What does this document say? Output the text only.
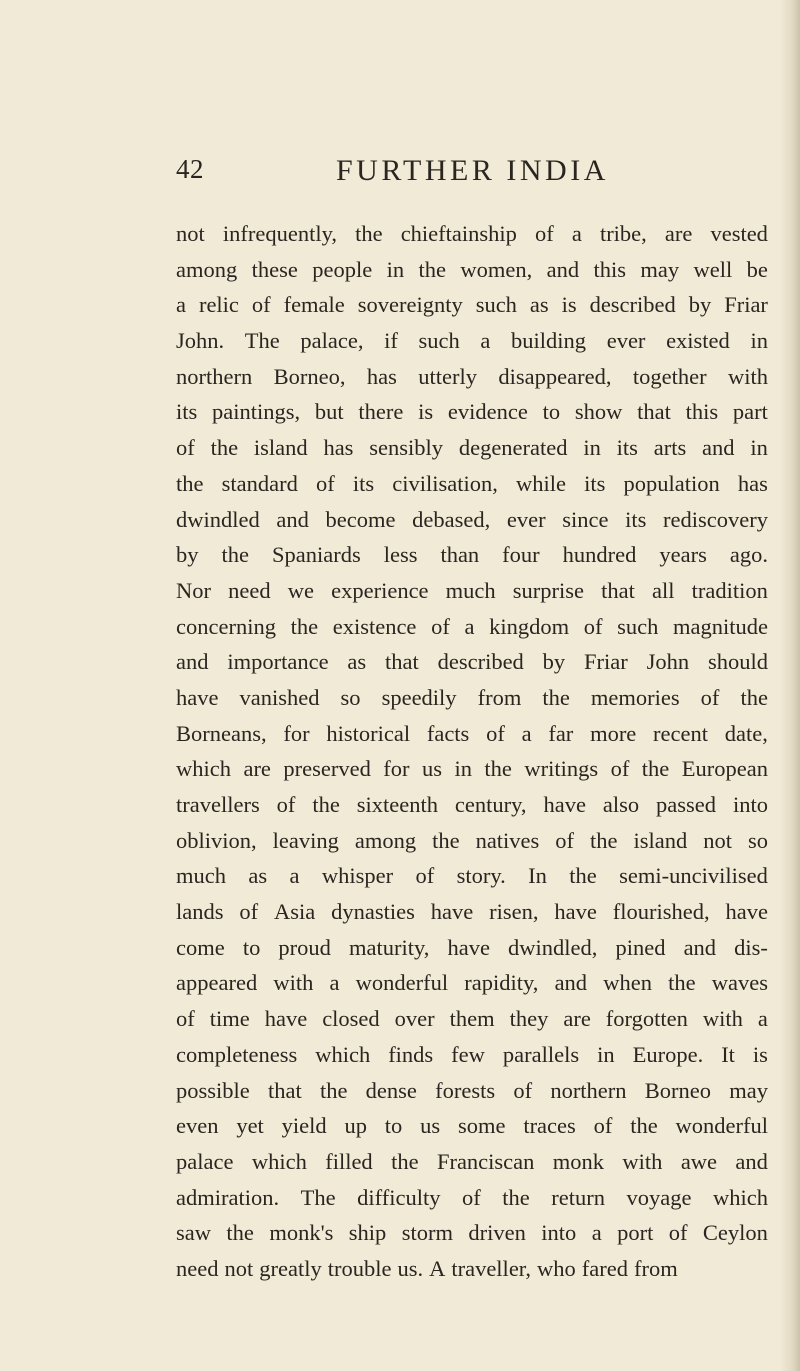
42	FURTHER INDIA
not infrequently, the chieftainship of a tribe, are vested
among these people in the women, and this may well be
a relic of female sovereignty such as is described by Friar
John. The palace, if such a building ever existed in
northern Borneo, has utterly disappeared, together with
its paintings, but there is evidence to show that this part
of the island has sensibly degenerated in its arts and in
the standard of its civilisation, while its population has
dwindled and become debased, ever since its rediscovery
by the Spaniards less than four hundred years ago.
Nor need we experience much surprise that all tradition
concerning the existence of a kingdom of such magnitude
and importance as that described by Friar John should
have vanished so speedily from the memories of the
Borneans, for historical facts of a far more recent date,
which are preserved for us in the writings of the European
travellers of the sixteenth century, have also passed into
oblivion, leaving among the natives of the island not so
much as a whisper of story. In the semi-uncivilised
lands of Asia dynasties have risen, have flourished, have
come to proud maturity, have dwindled, pined and dis-
appeared with a wonderful rapidity, and when the waves
of time have closed over them they are forgotten with a
completeness which finds few parallels in Europe. It is
possible that the dense forests of northern Borneo may
even yet yield up to us some traces of the wonderful
palace which filled the Franciscan monk with awe and
admiration. The difficulty of the return voyage which
saw the monk's ship storm driven into a port of Ceylon
need not greatly trouble us. A traveller, who fared from
